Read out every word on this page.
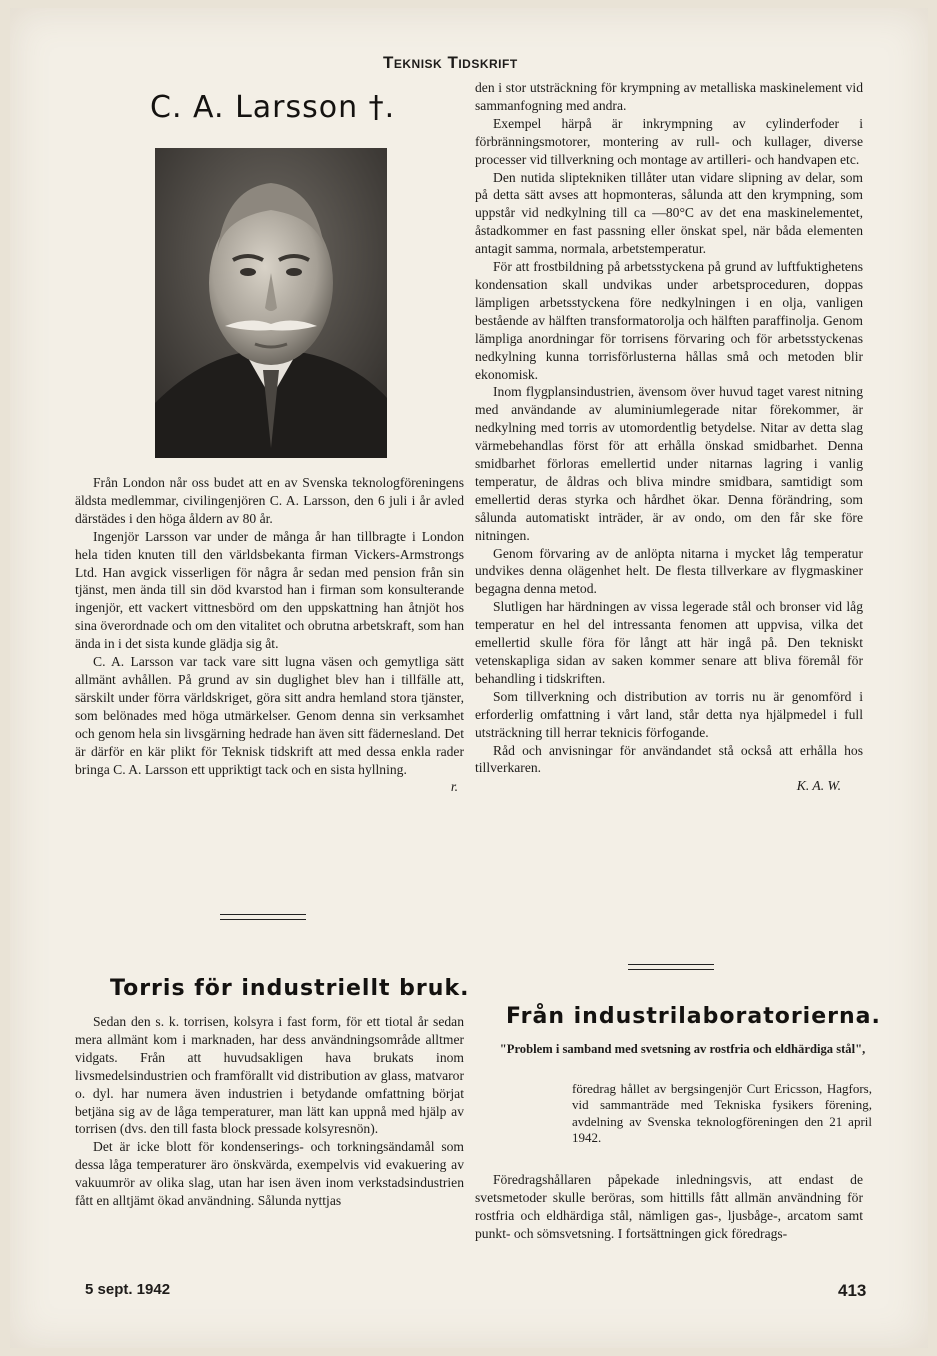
Teknisk Tidskrift
C. A. Larsson †.

Från London når oss budet att en av Svenska teknologföreningens äldsta medlemmar, civilingenjören C. A. Larsson, den 6 juli i år avled därstädes i den höga åldern av 80 år.

Ingenjör Larsson var under de många år han tillbragte i London hela tiden knuten till den världsbekanta firman Vickers-Armstrongs Ltd. Han avgick visserligen för några år sedan med pension från sin tjänst, men ända till sin död kvarstod han i firman som konsulterande ingenjör, ett vackert vittnesbörd om den uppskattning han åtnjöt hos sina överordnade och om den vitalitet och obrutna arbetskraft, som han ända in i det sista kunde glädja sig åt.

C. A. Larsson var tack vare sitt lugna väsen och gemytliga sätt allmänt avhållen. På grund av sin duglighet blev han i tillfälle att, särskilt under förra världskriget, göra sitt andra hemland stora tjänster, som belönades med höga utmärkelser. Genom denna sin verksamhet och genom hela sin livsgärning hedrade han även sitt fädernesland. Det är därför en kär plikt för Teknisk tidskrift att med dessa enkla rader bringa C. A. Larsson ett uppriktigt tack och en sista hyllning.

r.

Torris för industriellt bruk.

Sedan den s. k. torrisen, kolsyra i fast form, för ett tiotal år sedan mera allmänt kom i marknaden, har dess användningsområde alltmer vidgats. Från att huvudsakligen hava brukats inom livsmedelsindustrien och framförallt vid distribution av glass, matvaror o. dyl. har numera även industrien i betydande omfattning börjat betjäna sig av de låga temperaturer, man lätt kan uppnå med hjälp av torrisen (dvs. den till fasta block pressade kolsyresnön).

Det är icke blott för kondenserings- och torkningsändamål som dessa låga temperaturer äro önskvärda, exempelvis vid evakuering av vakuumrör av olika slag, utan har isen även inom verkstadsindustrien fått en alltjämt ökad användning. Sålunda nyttjas

den i stor utsträckning för krympning av metalliska maskinelement vid sammanfogning med andra.

Exempel härpå är inkrympning av cylinderfoder i förbränningsmotorer, montering av rull- och kullager, diverse processer vid tillverkning och montage av artilleri- och handvapen etc.

Den nutida sliptekniken tillåter utan vidare slipning av delar, som på detta sätt avses att hopmonteras, sålunda att den krympning, som uppstår vid nedkylning till ca —80°C av det ena maskinelementet, åstadkommer en fast passning eller önskat spel, när båda elementen antagit samma, normala, arbetstemperatur.

För att frostbildning på arbetsstyckena på grund av luftfuktighetens kondensation skall undvikas under arbetsproceduren, doppas lämpligen arbetsstyckena före nedkylningen i en olja, vanligen bestående av hälften transformatorolja och hälften paraffinolja. Genom lämpliga anordningar för torrisens förvaring och för arbetsstyckenas nedkylning kunna torrisförlusterna hållas små och metoden blir ekonomisk.

Inom flygplansindustrien, ävensom över huvud taget varest nitning med användande av aluminiumlegerade nitar förekommer, är nedkylning med torris av utomordentlig betydelse. Nitar av detta slag värmebehandlas först för att erhålla önskad smidbarhet. Denna smidbarhet förloras emellertid under nitarnas lagring i vanlig temperatur, de åldras och bliva mindre smidbara, samtidigt som emellertid deras styrka och hårdhet ökar. Denna förändring, som sålunda automatiskt inträder, är av ondo, om den får ske före nitningen.

Genom förvaring av de anlöpta nitarna i mycket låg temperatur undvikes denna olägenhet helt. De flesta tillverkare av flygmaskiner begagna denna metod.

Slutligen har härdningen av vissa legerade stål och bronser vid låg temperatur en hel del intressanta fenomen att uppvisa, vilka det emellertid skulle föra för långt att här ingå på. Den tekniskt vetenskapliga sidan av saken kommer senare att bliva föremål för behandling i tidskriften.

Som tillverkning och distribution av torris nu är genomförd i erforderlig omfattning i vårt land, står detta nya hjälpmedel i full utsträckning till herrar teknicis förfogande.

Råd och anvisningar för användandet stå också att erhålla hos tillverkaren.

K. A. W.

Från industrilaboratorierna.
"Problem i samband med svetsning av rostfria och eldhärdiga stål",
föredrag hållet av bergsingenjör Curt Ericsson, Hagfors, vid sammanträde med Tekniska fysikers förening, avdelning av Svenska teknologföreningen den 21 april 1942.

Föredragshållaren påpekade inledningsvis, att endast de svetsmetoder skulle beröras, som hittills fått allmän användning för rostfria och eldhärdiga stål, nämligen gas-, ljusbåge-, arcatom samt punkt- och sömsvetsning. I fortsättningen gick föredrags-

5 sept. 1942	413
